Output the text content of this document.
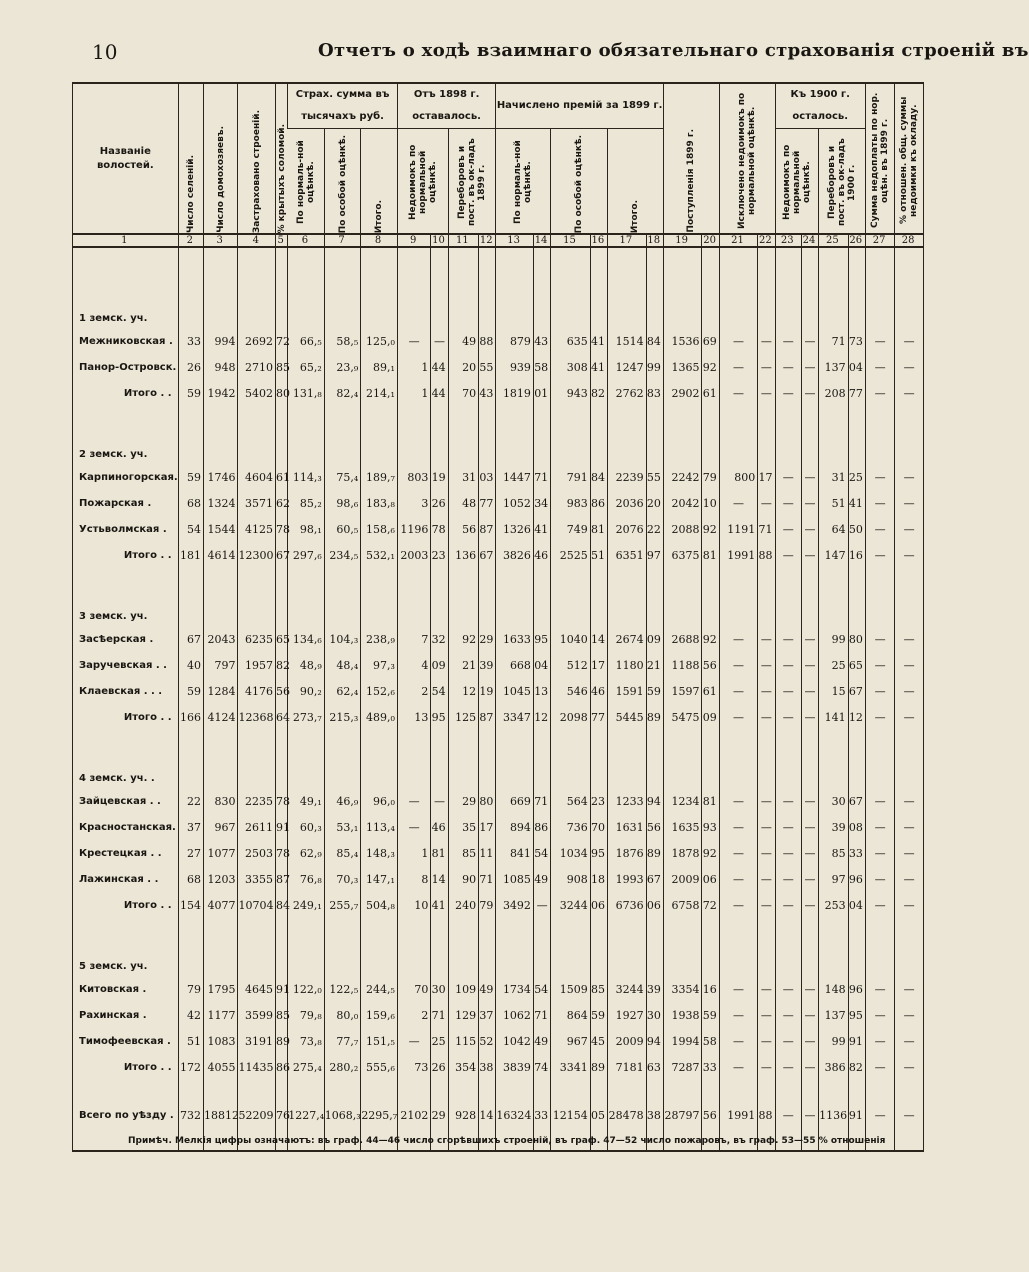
10	Отчетъ о ходѣ взаимнаго обязательнаго страхованія строеній въ
Названіе волостей.	Число селеній.	Число домохозяевъ.	Застраховано строеній.	% крытыхъ соломой.	Страх. сумма въ тысячахъ руб.			Отъ 1898 г. оставалось.				Начислено премій за 1899 г.						Поступленія 1899 г.		Исключено недоимокъ по нормальной оцѣнкѣ.		Къ 1900 г. осталось.				Сумма недоплаты по нор. оцѣн. въ 1899 г.	% отношен. общ. суммы недоимки къ окладу.

					По нормаль-ной оцѣнкѣ.	По особой оцѣнкѣ.	Итого.	Недоимокъ по нормальной оцѣнкѣ.		Переборовъ и пост. въ ок-ладъ 1899 г.		По нормаль-ной оцѣнкѣ.		По особой оцѣнкѣ.		Итого.						Недоимокъ по нормальной оцѣнкѣ.		Переборовъ и пост. въ ок-ладъ 1900 г.			

1	2	3	4	5	6	7	8	9	10	11	12	13	14	15	16	17	18	19	20	21	22	23	24	25	26	27	28

1 земск. уч.																											
Межниковская .	33	994	2692	72	66,₅	58,₅	125,₀	—	—	49	88	879	43	635	41	1514	84	1536	69	—	—	—	—	71	73	—	—
Панор-Островск.	26	948	2710	85	65,₂	23,₉	89,₁	1	44	20	55	939	58	308	41	1247	99	1365	92	—	—	—	—	137	04	—	—
Итого . .	59	1942	5402	80	131,₈	82,₄	214,₁	1	44	70	43	1819	01	943	82	2762	83	2902	61	—	—	—	—	208	77	—	—

2 земск. уч.																											
Карпиногорская.	59	1746	4604	61	114,₃	75,₄	189,₇	803	19	31	03	1447	71	791	84	2239	55	2242	79	800	17	—	—	31	25	—	—
Пожарская .	68	1324	3571	62	85,₂	98,₆	183,₈	3	26	48	77	1052	34	983	86	2036	20	2042	10	—	—	—	—	51	41	—	—
Устьволмская .	54	1544	4125	78	98,₁	60,₅	158,₆	1196	78	56	87	1326	41	749	81	2076	22	2088	92	1191	71	—	—	64	50	—	—
Итого . .	181	4614	12300	67	297,₆	234,₅	532,₁	2003	23	136	67	3826	46	2525	51	6351	97	6375	81	1991	88	—	—	147	16	—	—

3 земск. уч.																											
Засѣерская .	67	2043	6235	65	134,₆	104,₃	238,₉	7	32	92	29	1633	95	1040	14	2674	09	2688	92	—	—	—	—	99	80	—	—
Заручевская . .	40	797	1957	82	48,₉	48,₄	97,₃	4	09	21	39	668	04	512	17	1180	21	1188	56	—	—	—	—	25	65	—	—
Клаевская . . .	59	1284	4176	56	90,₂	62,₄	152,₆	2	54	12	19	1045	13	546	46	1591	59	1597	61	—	—	—	—	15	67	—	—
Итого . .	166	4124	12368	64	273,₇	215,₃	489,₀	13	95	125	87	3347	12	2098	77	5445	89	5475	09	—	—	—	—	141	12	—	—

4 земск. уч. .																											
Зайцевская . .	22	830	2235	78	49,₁	46,₉	96,₀	—	—	29	80	669	71	564	23	1233	94	1234	81	—	—	—	—	30	67	—	—
Красностанская.	37	967	2611	91	60,₃	53,₁	113,₄	—	46	35	17	894	86	736	70	1631	56	1635	93	—	—	—	—	39	08	—	—
Крестецкая . .	27	1077	2503	78	62,₉	85,₄	148,₃	1	81	85	11	841	54	1034	95	1876	89	1878	92	—	—	—	—	85	33	—	—
Лажинская . .	68	1203	3355	87	76,₈	70,₃	147,₁	8	14	90	71	1085	49	908	18	1993	67	2009	06	—	—	—	—	97	96	—	—
Итого . .	154	4077	10704	84	249,₁	255,₇	504,₈	10	41	240	79	3492	—	3244	06	6736	06	6758	72	—	—	—	—	253	04	—	—

5 земск. уч.																											
Китовская .	79	1795	4645	91	122,₀	122,₅	244,₅	70	30	109	49	1734	54	1509	85	3244	39	3354	16	—	—	—	—	148	96	—	—
Рахинская .	42	1177	3599	85	79,₈	80,₀	159,₆	2	71	129	37	1062	71	864	59	1927	30	1938	59	—	—	—	—	137	95	—	—
Тимофеевская .	51	1083	3191	89	73,₈	77,₇	151,₅	—	25	115	52	1042	49	967	45	2009	94	1994	58	—	—	—	—	99	91	—	—
Итого . .	172	4055	11435	86	275,₄	280,₂	555,₆	73	26	354	38	3839	74	3341	89	7181	63	7287	33	—	—	—	—	386	82	—	—

Всего по уѣзду .	732	18812	52209	76	1227,₄	1068,₃	2295,₇	2102	29	928	14	16324	33	12154	05	28478	38	28797	56	1991	88	—	—	1136	91	—	—

Примѣч. Мелкія цифры означаютъ: въ граф. 44—46 число сгорѣвшихъ строеній, въ граф. 47—52 число пожаровъ, въ граф. 53—55 % отношенія
